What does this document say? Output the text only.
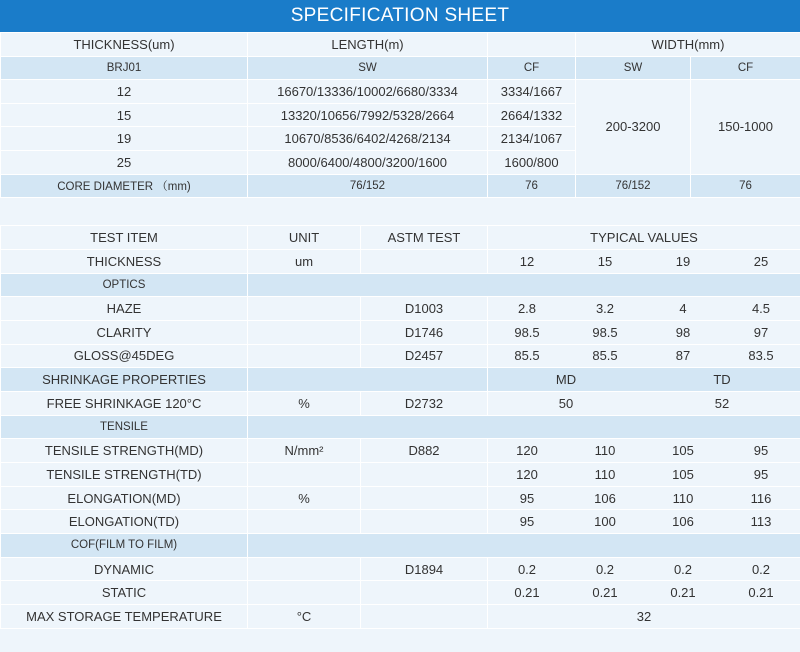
SPECIFICATION SHEET
THICKNESS(um)	LENGTH(m)		WIDTH(mm)	
BRJ01	SW	CF	SW	CF
12	16670/13336/10002/6680/3334	3334/1667	200-3200	150-1000
15	13320/10656/7992/5328/2664	2664/1332		
19	10670/8536/6402/4268/2134	2134/1067		
25	8000/6400/4800/3200/1600	1600/800		
CORE DIAMETER （mm)	76/152	76	76/152	76
TEST ITEM	UNIT	ASTM TEST	TYPICAL VALUES
THICKNESS	um		12 15 19 25

OPTICS			
HAZE		D1003	2.8 3.2 4 4.5

CLARITY		D1746	98.5 98.5 98 97

GLOSS@45DEG		D2457	85.5 85.5 87 83.5

SHRINKAGE PROPERTIES			MD TD

FREE SHRINKAGE 120°C	%	D2732	50 52

TENSILE			
TENSILE STRENGTH(MD)	N/mm²	D882	120 110 105 95

TENSILE STRENGTH(TD)			120 110 105 95

ELONGATION(MD)	%		95 106 110 116

ELONGATION(TD)			95 100 106 113

COF(FILM TO FILM)			
DYNAMIC		D1894	0.2 0.2 0.2 0.2

STATIC			0.21 0.21 0.21 0.21

MAX STORAGE TEMPERATURE	°C		32
